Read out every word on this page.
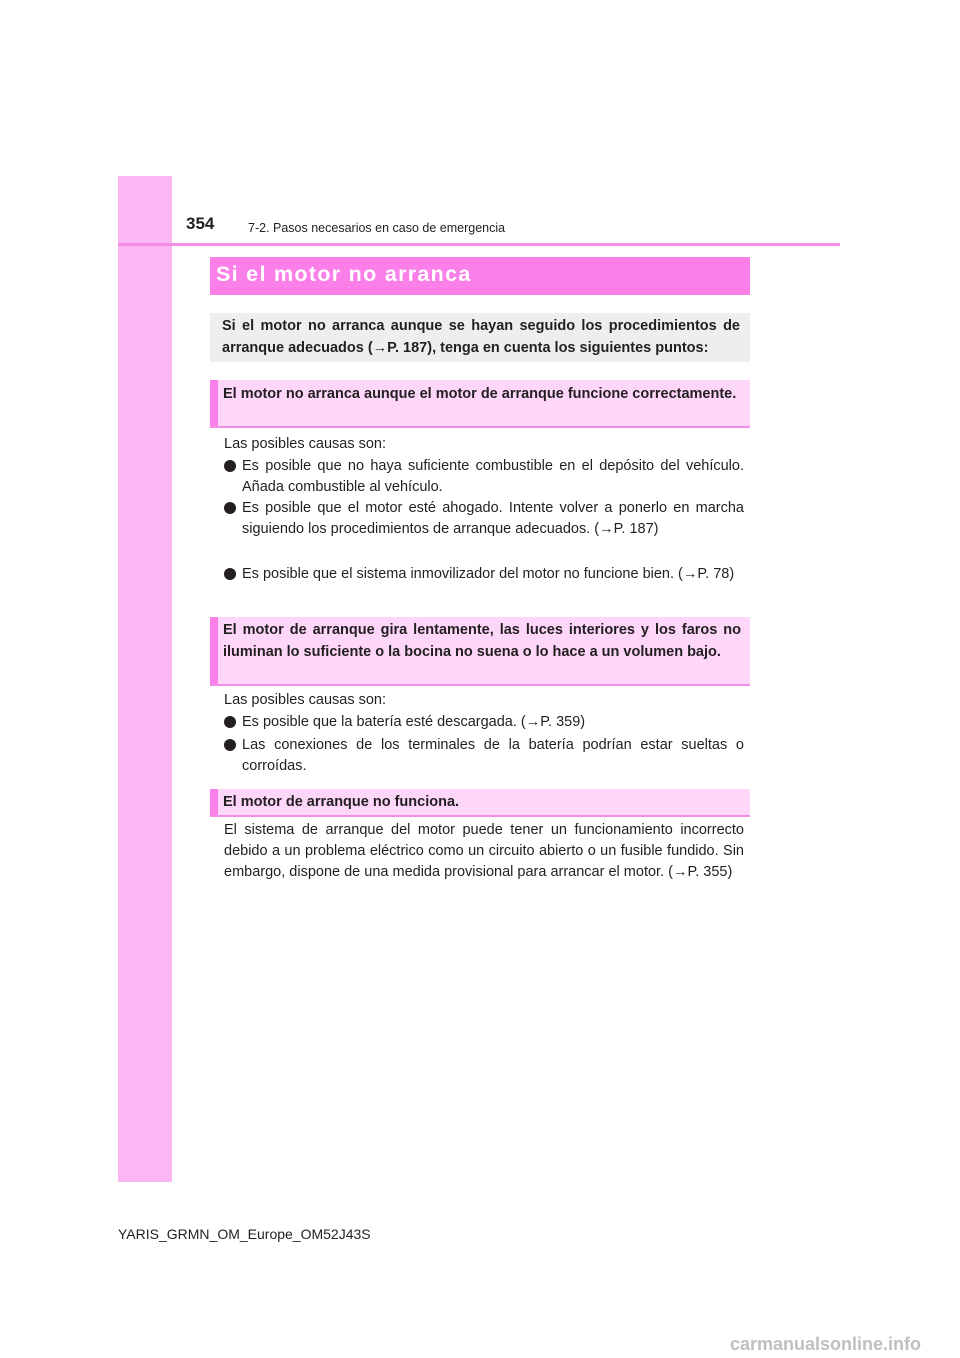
354	7-2. Pasos necesarios en caso de emergencia
Si el motor no arranca
Si el motor no arranca aunque se hayan seguido los procedimientos de arranque adecuados (→P. 187), tenga en cuenta los siguientes puntos:
El motor no arranca aunque el motor de arranque funcione correctamente.
Las posibles causas son:
Es posible que no haya suficiente combustible en el depósito del vehículo. Añada combustible al vehículo.
Es posible que el motor esté ahogado. Intente volver a ponerlo en marcha siguiendo los procedimientos de arranque adecuados. (→P. 187)
Es posible que el sistema inmovilizador del motor no funcione bien. (→P. 78)
El motor de arranque gira lentamente, las luces interiores y los faros no iluminan lo suficiente o la bocina no suena o lo hace a un volumen bajo.
Las posibles causas son:
Es posible que la batería esté descargada. (→P. 359)
Las conexiones de los terminales de la batería podrían estar sueltas o corroídas.
El motor de arranque no funciona.
El sistema de arranque del motor puede tener un funcionamiento incorrecto debido a un problema eléctrico como un circuito abierto o un fusible fundido. Sin embargo, dispone de una medida provisional para arrancar el motor. (→P. 355)
YARIS_GRMN_OM_Europe_OM52J43S
carmanualsonline.info
